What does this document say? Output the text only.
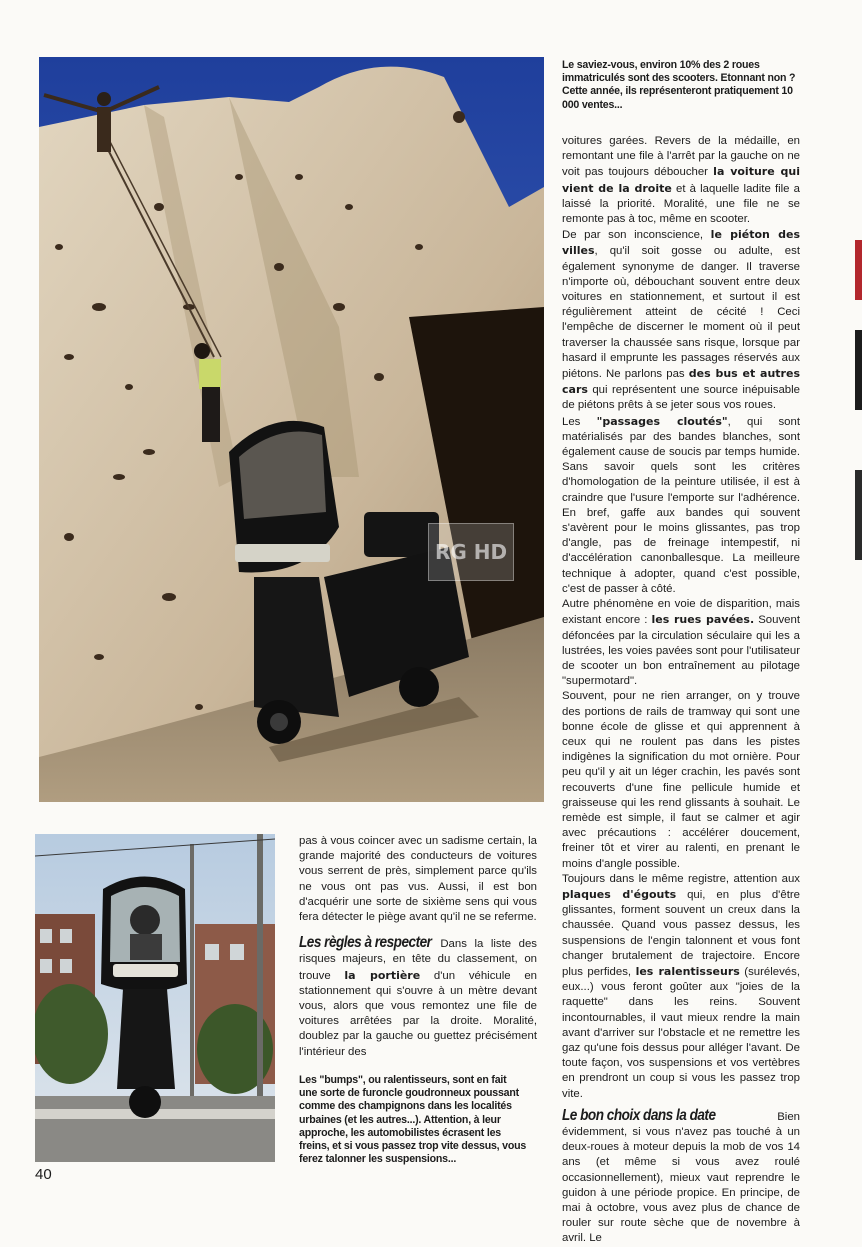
RG HD
Le saviez-vous, environ 10% des 2 roues immatriculés sont des scooters. Etonnant non ? Cette année, ils représenteront pratiquement 10 000 ventes...

voitures garées. Revers de la médaille, en remontant une file à l'arrêt par la gauche on ne voit pas toujours déboucher la voiture qui vient de la droite et à laquelle ladite file a laissé la priorité. Moralité, une file ne se remonte pas à toc, même en scooter.

De par son inconscience, le piéton des villes, qu'il soit gosse ou adulte, est également synonyme de danger. Il traverse n'importe où, débouchant souvent entre deux voitures en stationnement, et surtout il est régulièrement atteint de cécité ! Ceci l'empêche de discerner le moment où il peut traverser la chaussée sans risque, lorsque par hasard il emprunte les passages réservés aux piétons. Ne parlons pas des bus et autres cars qui représentent une source inépuisable de piétons prêts à se jeter sous vos roues.

Les "passages cloutés", qui sont matérialisés par des bandes blanches, sont également cause de soucis par temps humide. Sans savoir quels sont les critères d'homologation de la peinture utilisée, il est à craindre que l'usure l'emporte sur l'adhérence. En bref, gaffe aux bandes qui souvent s'avèrent pour le moins glissantes, pas trop d'angle, pas de freinage intempestif, ni d'accélération canonballesque. La meilleure technique à adopter, quand c'est possible, c'est de passer à côté.

Autre phénomène en voie de disparition, mais existant encore : les rues pavées. Souvent défoncées par la circulation séculaire qui les a lustrées, les voies pavées sont pour l'utilisateur de scooter un bon entraînement au pilotage "supermotard".

Souvent, pour ne rien arranger, on y trouve des portions de rails de tramway qui sont une bonne école de glisse et qui apprennent à ceux qui ne roulent pas dans les pistes indigènes la signification du mot ornière. Pour peu qu'il y ait un léger crachin, les pavés sont recouverts d'une fine pellicule humide et graisseuse qui les rend glissants à souhait. Le remède est simple, il faut se calmer et agir avec précautions : accélérer doucement, freiner tôt et virer au ralenti, en prenant le moins d'angle possible.

Toujours dans le même registre, attention aux plaques d'égouts qui, en plus d'être glissantes, forment souvent un creux dans la chaussée. Quand vous passez dessus, les suspensions de l'engin talonnent et vous font changer brutalement de trajectoire. Encore plus perfides, les ralentisseurs (surélevés, eux...) vous feront goûter aux "joies de la raquette" dans les reins. Souvent incontournables, il vaut mieux rendre la main avant d'arriver sur l'obstacle et ne remettre les gaz qu'une fois dessus pour alléger l'avant. De toute façon, vos suspensions et vos vertèbres en prendront un coup si vous les passez trop vite.

Le bon choix dans la date Bien évidemment, si vous n'avez pas touché à un deux-roues à moteur depuis la mob de vos 14 ans (et même si vous avez roulé occasionnellement), mieux vaut reprendre le guidon à une période propice. En principe, de mai à octobre, vous avez plus de chance de rouler sur route sèche que de novembre à avril. Le

pas à vous coincer avec un sadisme certain, la grande majorité des conducteurs de voitures vous serrent de près, simplement parce qu'ils ne vous ont pas vus. Aussi, il est bon d'acquérir une sorte de sixième sens qui vous fera détecter le piège avant qu'il ne se referme.

Les règles à respecter Dans la liste des risques majeurs, en tête du classement, on trouve la portière d'un véhicule en stationnement qui s'ouvre à un mètre devant vous, alors que vous remontez une file de voitures arrêtées par la droite. Moralité, doublez par la gauche ou guettez précisément l'intérieur des

Les "bumps", ou ralentisseurs, sont en fait une sorte de furoncle goudronneux poussant comme des champignons dans les localités urbaines (et les autres...). Attention, à leur approche, les automobilistes écrasent les freins, et si vous passez trop vite dessus, vous ferez talonner les suspensions...
40
